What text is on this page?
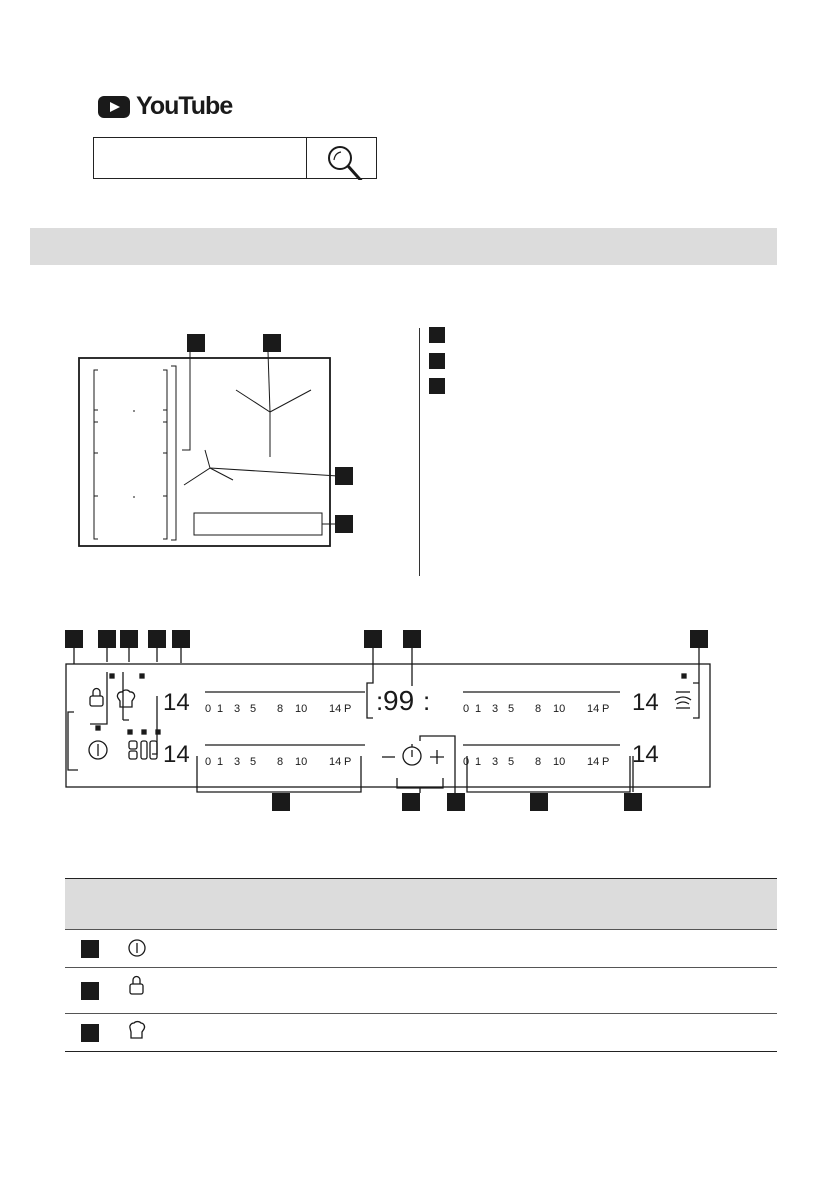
YouTube
14
14
14
14
99
: :
0 1 3 5 8 10 14 P
0 1 3 5 8 10 14 P
0 1 3 5 8 10 14 P
0 1 3 5 8 10 14 P
